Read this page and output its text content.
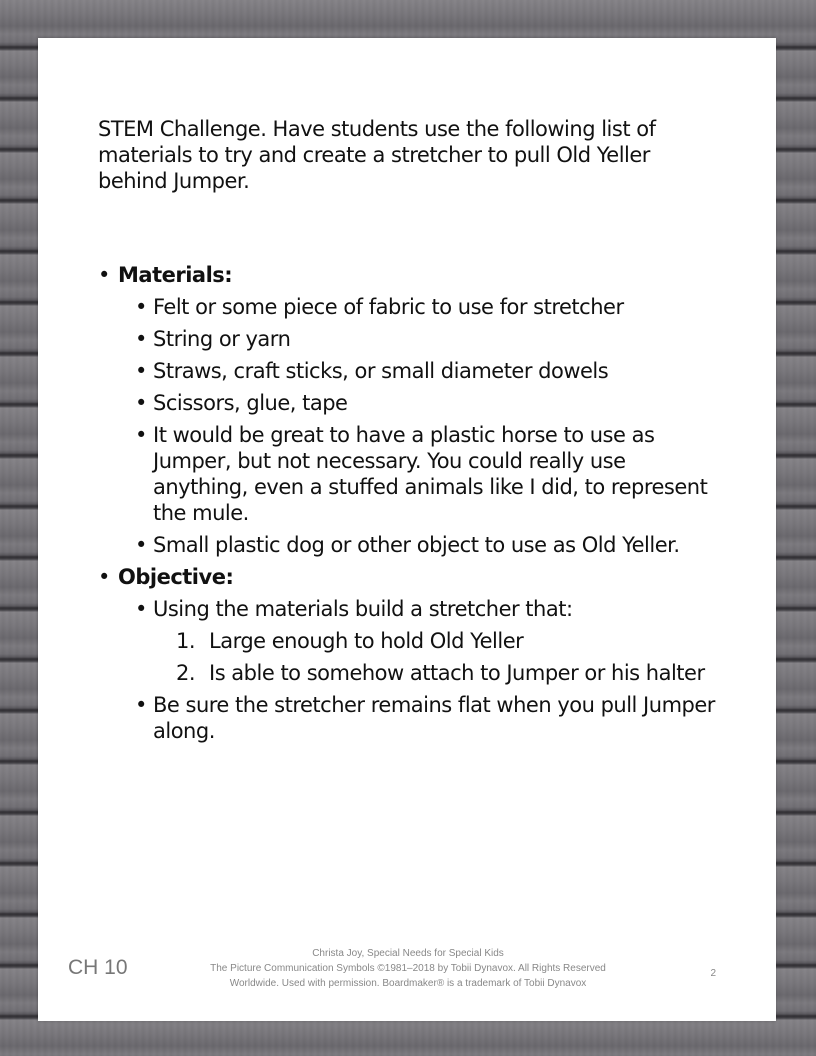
STEM Challenge. Have students use the following list of materials to try and create a stretcher to pull Old Yeller behind Jumper.

• Materials:
• Felt or some piece of fabric to use for stretcher
• String or yarn
• Straws, craft sticks, or small diameter dowels
• Scissors, glue, tape
• It would be great to have a plastic horse to use as Jumper, but not necessary. You could really use anything, even a stuffed animals like I did, to represent the mule.
• Small plastic dog or other object to use as Old Yeller.
• Objective:
• Using the materials build a stretcher that:
1. Large enough to hold Old Yeller
2. Is able to somehow attach to Jumper or his halter
• Be sure the stretcher remains flat when you pull Jumper along.
CH 10
Christa Joy, Special Needs for Special Kids
The Picture Communication Symbols ©1981–2018 by Tobii Dynavox. All Rights Reserved
Worldwide. Used with permission. Boardmaker® is a trademark of Tobii Dynavox
2
